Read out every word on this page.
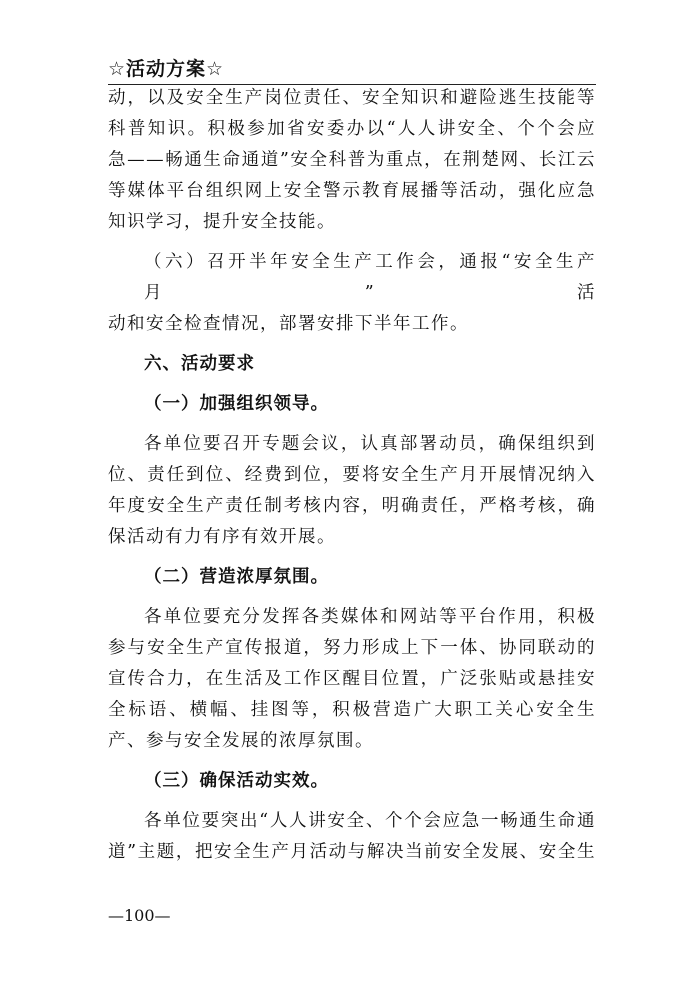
☆活动方案☆

动，以及安全生产岗位责任、安全知识和避险逃生技能等

科普知识。积极参加省安委办以“人人讲安全、个个会应

急——畅通生命通道”安全科普为重点，在荆楚网、长江云

等媒体平台组织网上安全警示教育展播等活动，强化应急

知识学习，提升安全技能。

（六）召开半年安全生产工作会，通报“安全生产月”活

动和安全检查情况，部署安排下半年工作。

六、活动要求

（一）加强组织领导。

各单位要召开专题会议，认真部署动员，确保组织到

位、责任到位、经费到位，要将安全生产月开展情况纳入

年度安全生产责任制考核内容，明确责任，严格考核，确

保活动有力有序有效开展。

（二）营造浓厚氛围。

各单位要充分发挥各类媒体和网站等平台作用，积极

参与安全生产宣传报道，努力形成上下一体、协同联动的

宣传合力，在生活及工作区醒目位置，广泛张贴或悬挂安

全标语、横幅、挂图等，积极营造广大职工关心安全生

产、参与安全发展的浓厚氛围。

（三）确保活动实效。

各单位要突出“人人讲安全、个个会应急一畅通生命通

道”主题，把安全生产月活动与解决当前安全发展、安全生

—100—
